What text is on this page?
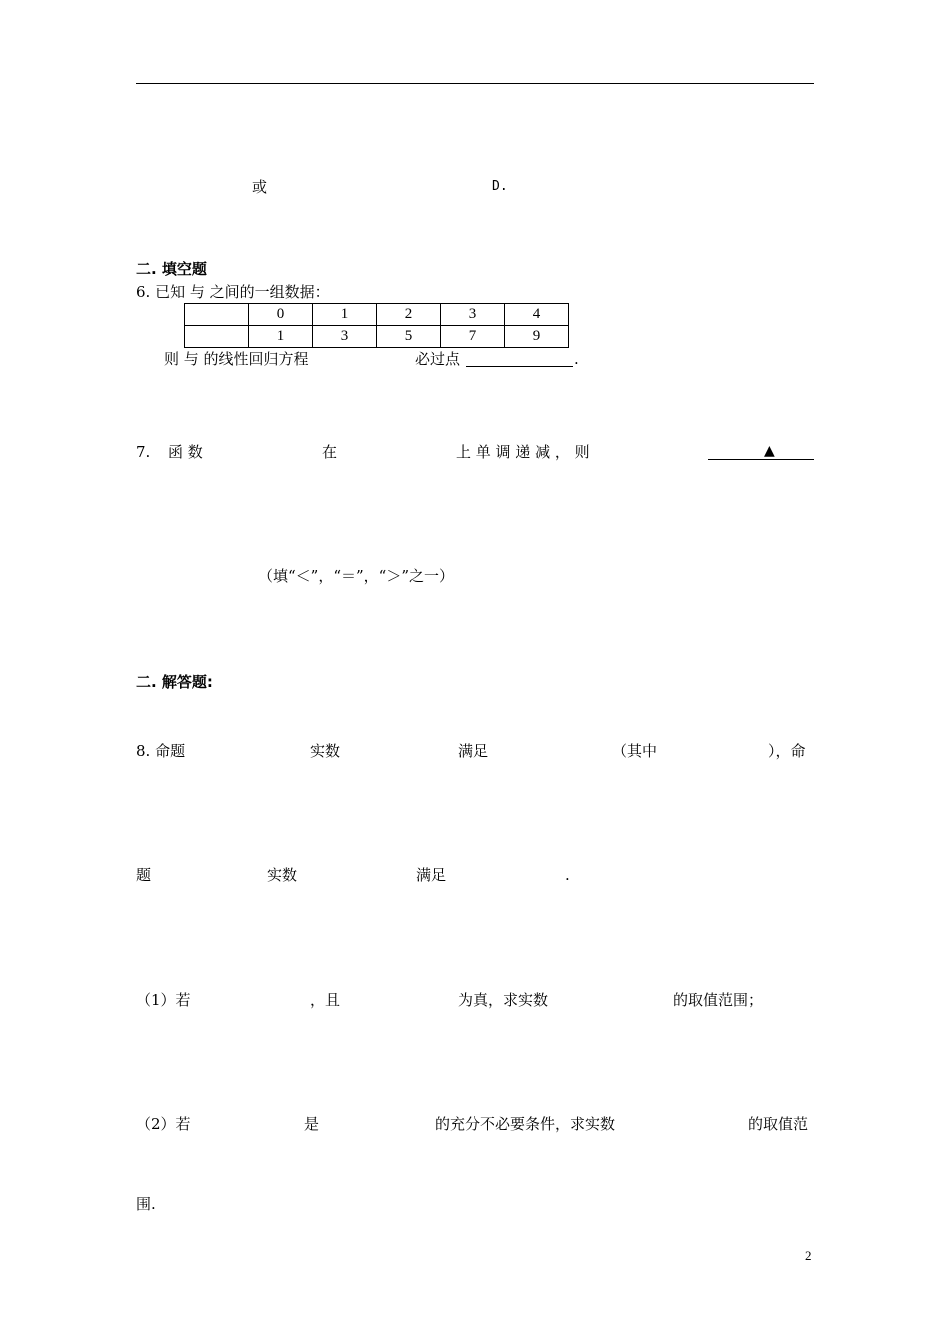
或	D.
二. 填空题
6. 已知 与 之间的一组数据：
	0	1	2	3	4
	1	3	5	7	9
则 与 的线性回归方程	必过点	.
7. 函 数	在	上 单 调 递 减 ， 则	▲
（填“＜”，“＝”，“＞”之一）
二. 解答题:
8. 命题	实数	满足	（其中	），命
题	实数	满足	.
（1）若	，且	为真，求实数	的取值范围；
（2）若	是	的充分不必要条件，求实数	的取值范
围.
2
